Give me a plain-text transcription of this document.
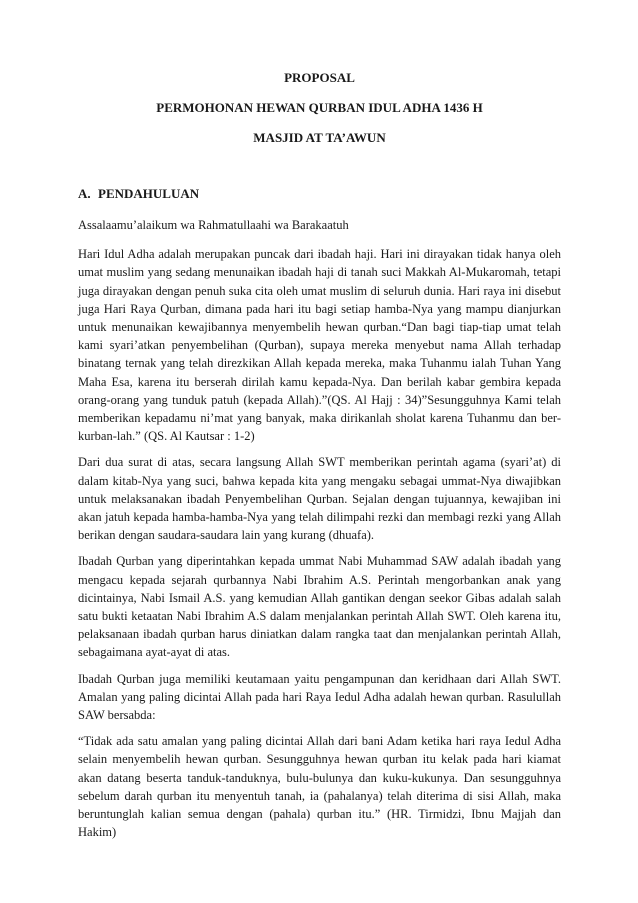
PROPOSAL

PERMOHONAN HEWAN QURBAN IDUL ADHA 1436 H

MASJID AT TA’AWUN

A. PENDAHULUAN

Assalaamu’alaikum wa Rahmatullaahi wa Barakaatuh

Hari Idul Adha adalah merupakan puncak dari ibadah haji. Hari ini dirayakan tidak hanya oleh umat muslim yang sedang menunaikan ibadah haji di tanah suci Makkah Al-Mukaromah, tetapi juga dirayakan dengan penuh suka cita oleh umat muslim di seluruh dunia. Hari raya ini disebut juga Hari Raya Qurban, dimana pada hari itu bagi setiap hamba-Nya yang mampu dianjurkan untuk menunaikan kewajibannya menyembelih hewan qurban.“Dan bagi tiap-tiap umat telah kami syari’atkan penyembelihan (Qurban), supaya mereka menyebut nama Allah terhadap binatang ternak yang telah direzkikan Allah kepada mereka, maka Tuhanmu ialah Tuhan Yang Maha Esa, karena itu berserah dirilah kamu kepada-Nya. Dan berilah kabar gembira kepada orang-orang yang tunduk patuh (kepada Allah).”(QS. Al Hajj : 34)”Sesungguhnya Kami telah memberikan kepadamu ni’mat yang banyak, maka dirikanlah sholat karena Tuhanmu dan ber-kurban-lah.” (QS. Al Kautsar : 1-2)

Dari dua surat di atas, secara langsung Allah SWT memberikan perintah agama (syari’at) di dalam kitab-Nya yang suci, bahwa kepada kita yang mengaku sebagai ummat-Nya diwajibkan untuk melaksanakan ibadah Penyembelihan Qurban. Sejalan dengan tujuannya, kewajiban ini akan jatuh kepada hamba-hamba-Nya yang telah dilimpahi rezki dan membagi rezki yang Allah berikan dengan saudara-saudara lain yang kurang (dhuafa).

Ibadah Qurban yang diperintahkan kepada ummat Nabi Muhammad SAW adalah ibadah yang mengacu kepada sejarah qurbannya Nabi Ibrahim A.S. Perintah mengorbankan anak yang dicintainya, Nabi Ismail A.S. yang kemudian Allah gantikan dengan seekor Gibas adalah salah satu bukti ketaatan Nabi Ibrahim A.S dalam menjalankan perintah Allah SWT. Oleh karena itu, pelaksanaan ibadah qurban harus diniatkan dalam rangka taat dan menjalankan perintah Allah, sebagaimana ayat-ayat di atas.

Ibadah Qurban juga memiliki keutamaan yaitu pengampunan dan keridhaan dari Allah SWT. Amalan yang paling dicintai Allah pada hari Raya Iedul Adha adalah hewan qurban. Rasulullah SAW bersabda:

“Tidak ada satu amalan yang paling dicintai Allah dari bani Adam ketika hari raya Iedul Adha selain menyembelih hewan qurban. Sesungguhnya hewan qurban itu kelak pada hari kiamat akan datang beserta tanduk-tanduknya, bulu-bulunya dan kuku-kukunya. Dan sesungguhnya sebelum darah qurban itu menyentuh tanah, ia (pahalanya) telah diterima di sisi Allah, maka beruntunglah kalian semua dengan (pahala) qurban itu.” (HR. Tirmidzi, Ibnu Majjah dan Hakim)
